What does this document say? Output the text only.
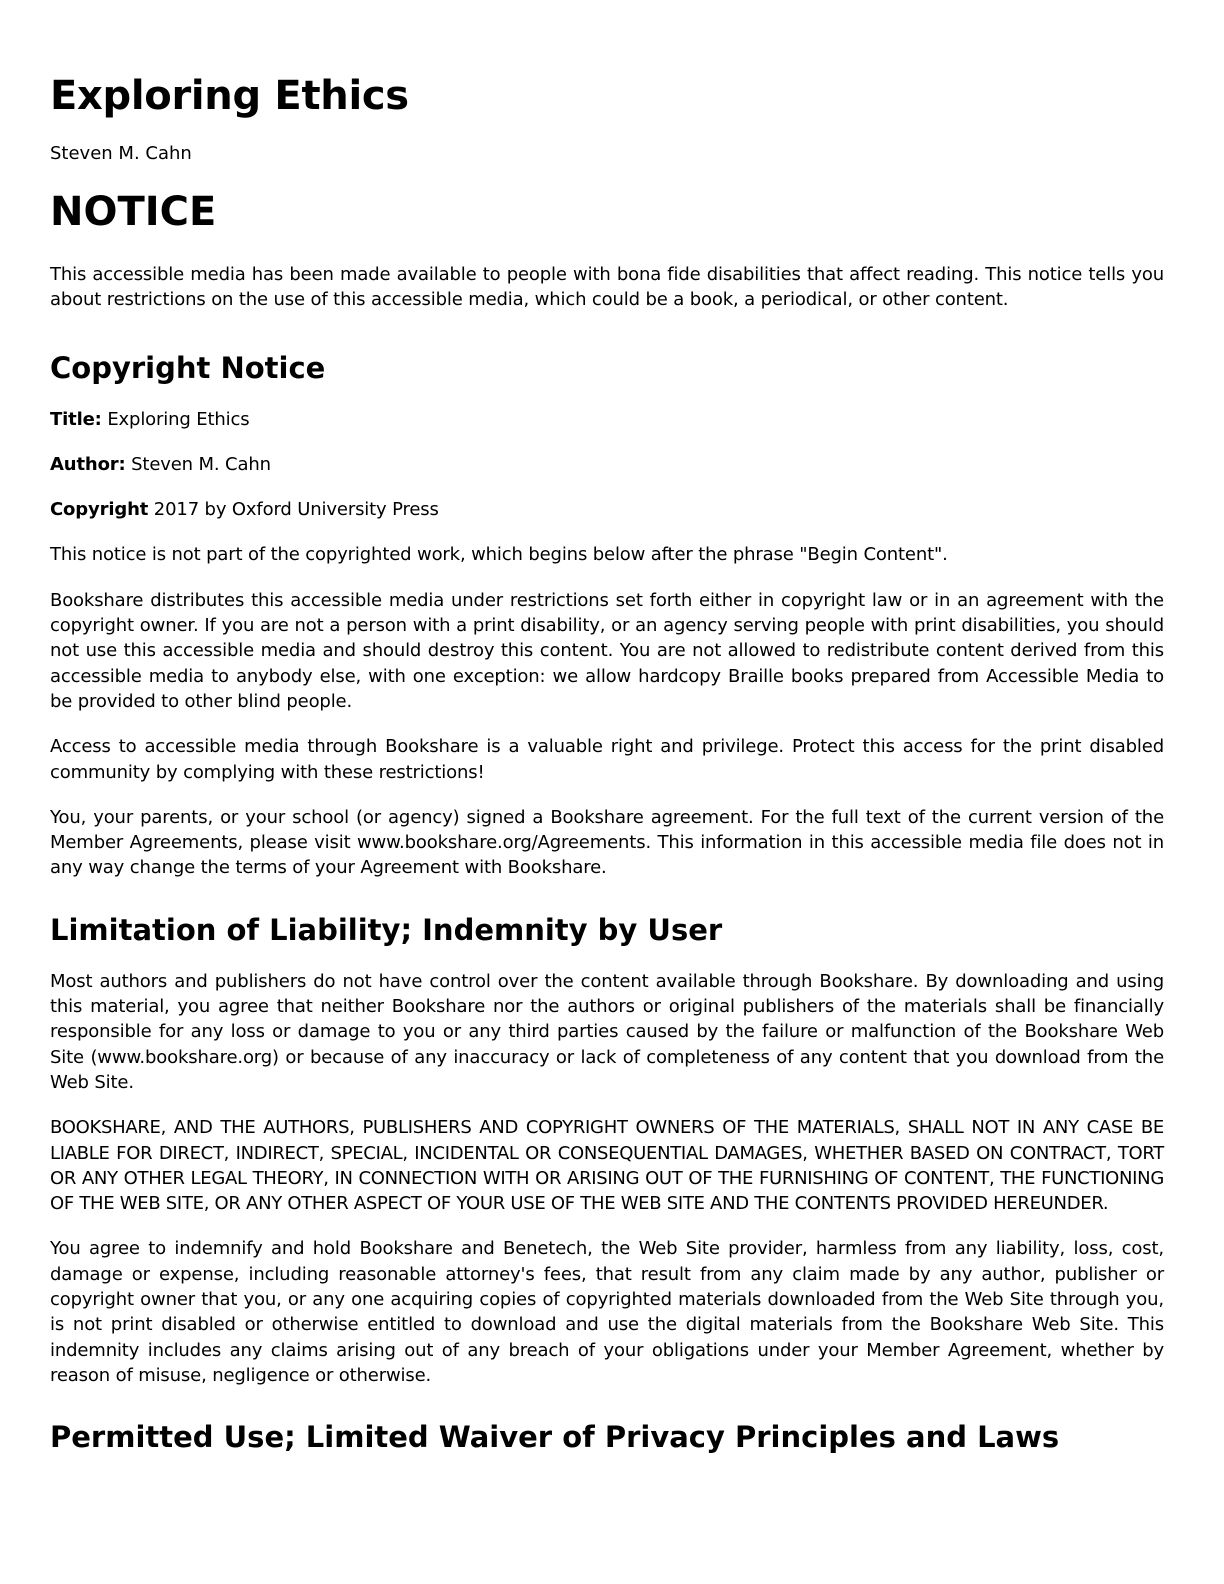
Exploring Ethics
Steven M. Cahn
NOTICE

This accessible media has been made available to people with bona fide disabilities that affect reading. This notice tells you about restrictions on the use of this accessible media, which could be a book, a periodical, or other content.

Copyright Notice

Title: Exploring Ethics

Author: Steven M. Cahn

Copyright 2017 by Oxford University Press

This notice is not part of the copyrighted work, which begins below after the phrase "Begin Content".

Bookshare distributes this accessible media under restrictions set forth either in copyright law or in an agreement with the copyright owner. If you are not a person with a print disability, or an agency serving people with print disabilities, you should not use this accessible media and should destroy this content. You are not allowed to redistribute content derived from this accessible media to anybody else, with one exception: we allow hardcopy Braille books prepared from Accessible Media to be provided to other blind people.

Access to accessible media through Bookshare is a valuable right and privilege. Protect this access for the print disabled community by complying with these restrictions!

You, your parents, or your school (or agency) signed a Bookshare agreement. For the full text of the current version of the Member Agreements, please visit www.bookshare.org/Agreements. This information in this accessible media file does not in any way change the terms of your Agreement with Bookshare.

Limitation of Liability; Indemnity by User

Most authors and publishers do not have control over the content available through Bookshare. By downloading and using this material, you agree that neither Bookshare nor the authors or original publishers of the materials shall be financially responsible for any loss or damage to you or any third parties caused by the failure or malfunction of the Bookshare Web Site (www.bookshare.org) or because of any inaccuracy or lack of completeness of any content that you download from the Web Site.

BOOKSHARE, AND THE AUTHORS, PUBLISHERS AND COPYRIGHT OWNERS OF THE MATERIALS, SHALL NOT IN ANY CASE BE LIABLE FOR DIRECT, INDIRECT, SPECIAL, INCIDENTAL OR CONSEQUENTIAL DAMAGES, WHETHER BASED ON CONTRACT, TORT OR ANY OTHER LEGAL THEORY, IN CONNECTION WITH OR ARISING OUT OF THE FURNISHING OF CONTENT, THE FUNCTIONING OF THE WEB SITE, OR ANY OTHER ASPECT OF YOUR USE OF THE WEB SITE AND THE CONTENTS PROVIDED HEREUNDER.

You agree to indemnify and hold Bookshare and Benetech, the Web Site provider, harmless from any liability, loss, cost, damage or expense, including reasonable attorney's fees, that result from any claim made by any author, publisher or copyright owner that you, or any one acquiring copies of copyrighted materials downloaded from the Web Site through you, is not print disabled or otherwise entitled to download and use the digital materials from the Bookshare Web Site. This indemnity includes any claims arising out of any breach of your obligations under your Member Agreement, whether by reason of misuse, negligence or otherwise.

Permitted Use; Limited Waiver of Privacy Principles and Laws
